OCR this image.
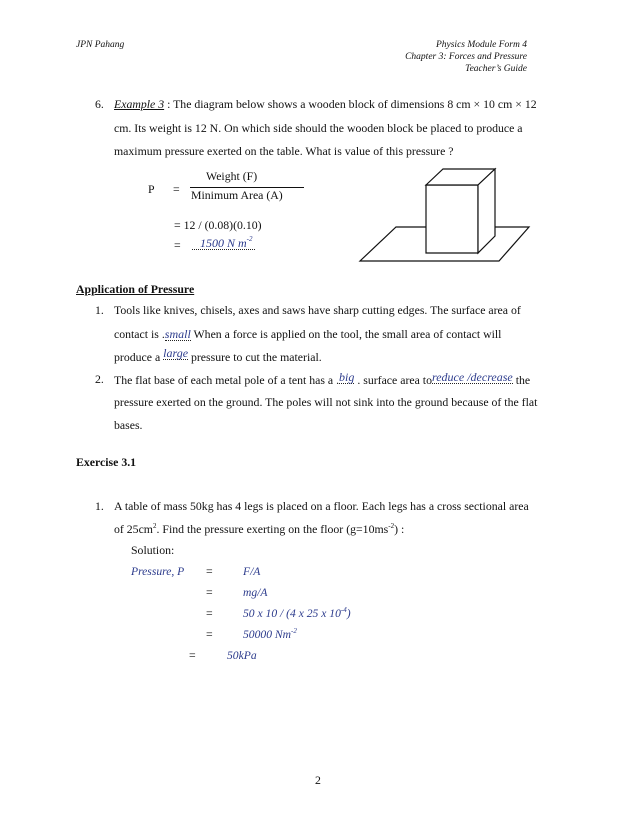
JPN Pahang	Physics Module Form 4
Chapter 3: Forces and Pressure
Teacher’s Guide
6. Example 3 : The diagram below shows a wooden block of dimensions 8 cm × 10 cm × 12
cm. Its weight is 12 N. On which side should the wooden block be placed to produce a
maximum pressure exerted on the table. What is value of this pressure ?
P =
Weight (F)
Minimum Area (A)
= 12 / (0.08)(0.10)
=	1500 N $m^{-2}$
Application of Pressure
1. Tools like knives, chisels, axes and saws have sharp cutting edges. The surface area of
contact is .small When a force is applied on the tool, the small area of contact will
produce a large pressure to cut the material.
2. The flat base of each metal pole of a tent has a .big . surface area toreduce /decrease the
pressure exerted on the ground. The poles will not sink into the ground because of the flat
bases.
Exercise 3.1
1. A table of mass 50kg has 4 legs is placed on a floor. Each legs has a cross sectional area
of $25cm^2$. Find the pressure exerting on the floor $(g=10ms^{-2})$ :
Solution:
Pressure, P =	F/A
=	mg/A
=	50 x 10 / (4 x 25 x $10^{-4}$)
=	50000 $Nm^{-2}$
=	50kPa
2
